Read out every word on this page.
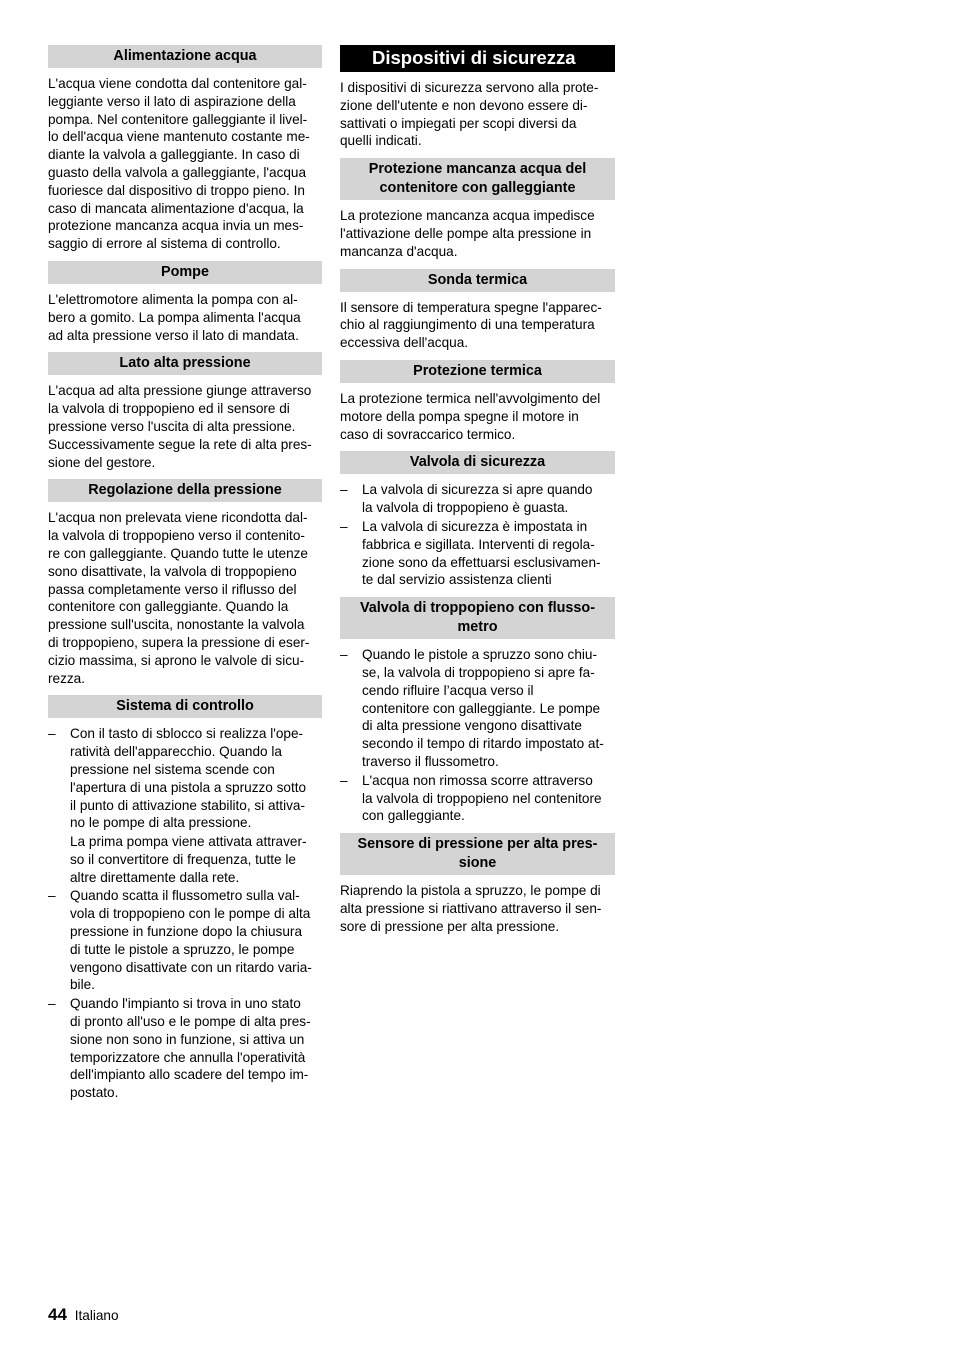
Alimentazione acqua

L'acqua viene condotta dal contenitore gal-
leggiante verso il lato di aspirazione della
pompa. Nel contenitore galleggiante il livel-
lo dell'acqua viene mantenuto costante me-
diante la valvola a galleggiante. In caso di
guasto della valvola a galleggiante, l'acqua
fuoriesce dal dispositivo di troppo pieno. In
caso di mancata alimentazione d'acqua, la
protezione mancanza acqua invia un mes-
saggio di errore al sistema di controllo.

Pompe

L'elettromotore alimenta la pompa con al-
bero a gomito. La pompa alimenta l'acqua
ad alta pressione verso il lato di mandata.

Lato alta pressione

L'acqua ad alta pressione giunge attraverso
la valvola di troppopieno ed il sensore di
pressione verso l'uscita di alta pressione.
Successivamente segue la rete di alta pres-
sione del gestore.

Regolazione della pressione

L'acqua non prelevata viene ricondotta dal-
la valvola di troppopieno verso il contenito-
re con galleggiante. Quando tutte le utenze
sono disattivate, la valvola di troppopieno
passa completamente verso il riflusso del
contenitore con galleggiante. Quando la
pressione sull'uscita, nonostante la valvola
di troppopieno, supera la pressione di eser-
cizio massima, si aprono le valvole di sicu-
rezza.

Sistema di controllo
– Con il tasto di sblocco si realizza l'ope-
ratività dell'apparecchio. Quando la
pressione nel sistema scende con
l'apertura di una pistola a spruzzo sotto
il punto di attivazione stabilito, si attiva-
no le pompe di alta pressione.
La prima pompa viene attivata attraver-
so il convertitore di frequenza, tutte le
altre direttamente dalla rete.
– Quando scatta il flussometro sulla val-
vola di troppopieno con le pompe di alta
pressione in funzione dopo la chiusura
di tutte le pistole a spruzzo, le pompe
vengono disattivate con un ritardo varia-
bile.
– Quando l'impianto si trova in uno stato
di pronto all'uso e le pompe di alta pres-
sione non sono in funzione, si attiva un
temporizzatore che annulla l'operatività
dell'impianto allo scadere del tempo im-
postato.
Dispositivi di sicurezza

I dispositivi di sicurezza servono alla prote-
zione dell'utente e non devono essere di-
sattivati o impiegati per scopi diversi da
quelli indicati.

Protezione mancanza acqua del
contenitore con galleggiante

La protezione mancanza acqua impedisce
l'attivazione delle pompe alta pressione in
mancanza d'acqua.

Sonda termica

Il sensore di temperatura spegne l'apparec-
chio al raggiungimento di una temperatura
eccessiva dell'acqua.

Protezione termica

La protezione termica nell'avvolgimento del
motore della pompa spegne il motore in
caso di sovraccarico termico.

Valvola di sicurezza
– La valvola di sicurezza si apre quando
la valvola di troppopieno è guasta.
– La valvola di sicurezza è impostata in
fabbrica e sigillata. Interventi di regola-
zione sono da effettuarsi esclusivamen-
te dal servizio assistenza clienti
Valvola di troppopieno con flusso-
metro
– Quando le pistole a spruzzo sono chiu-
se, la valvola di troppopieno si apre fa-
cendo rifluire l’acqua verso il
contenitore con galleggiante. Le pompe
di alta pressione vengono disattivate
secondo il tempo di ritardo impostato at-
traverso il flussometro.
– L'acqua non rimossa scorre attraverso
la valvola di troppopieno nel contenitore
con galleggiante.
Sensore di pressione per alta pres-
sione

Riaprendo la pistola a spruzzo, le pompe di
alta pressione si riattivano attraverso il sen-
sore di pressione per alta pressione.

44 Italiano
